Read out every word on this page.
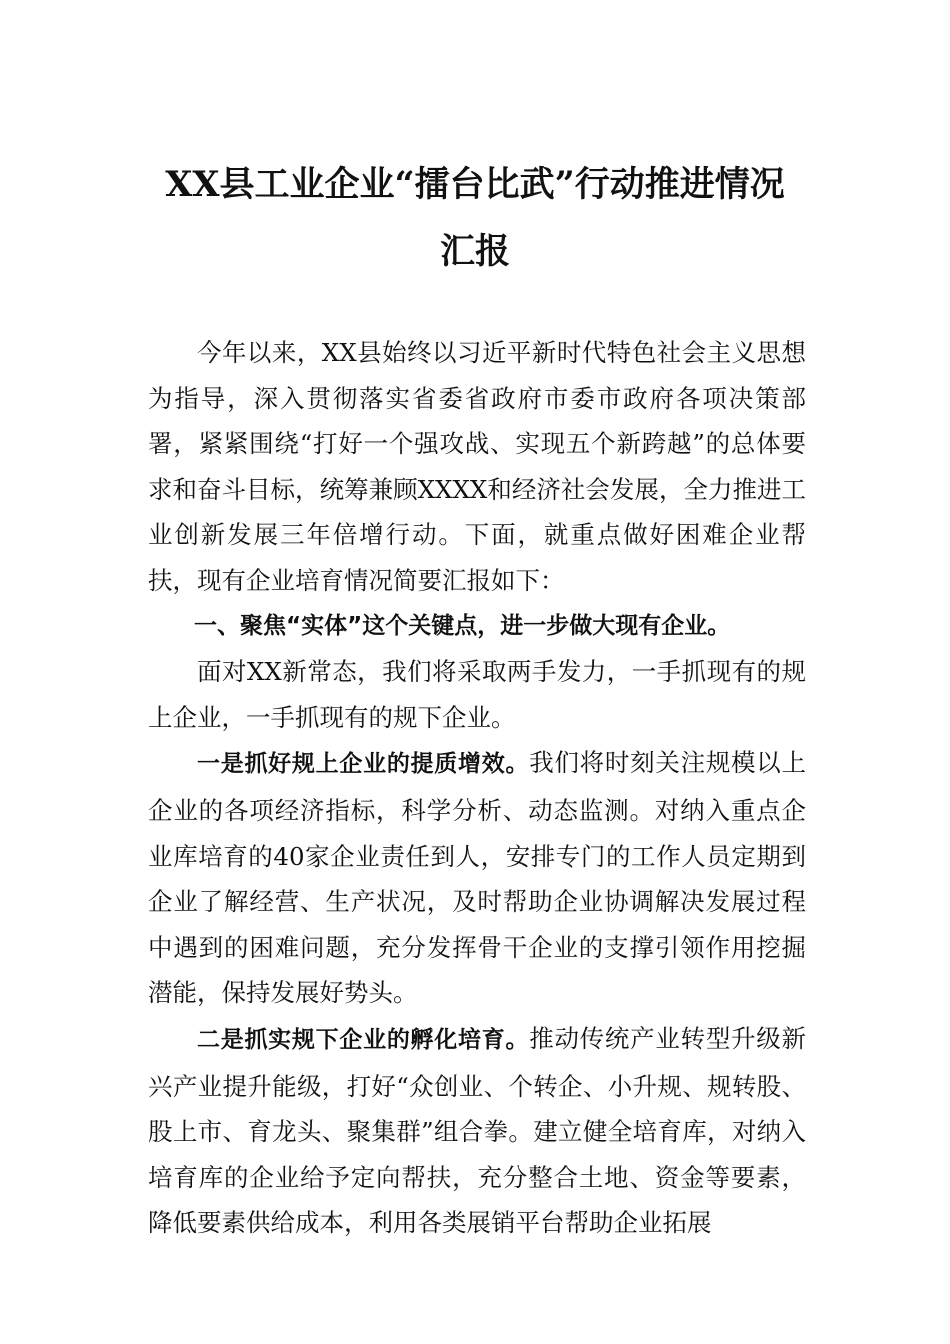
XX县工业企业“擂台比武”行动推进情况
汇报

今年以来，XX县始终以习近平新时代特色社会主义思想为指导，深入贯彻落实省委省政府市委市政府各项决策部署，紧紧围绕“打好一个强攻战、实现五个新跨越”的总体要求和奋斗目标，统筹兼顾XXXX和经济社会发展，全力推进工业创新发展三年倍增行动。下面，就重点做好困难企业帮扶，现有企业培育情况简要汇报如下：

一、聚焦“实体”这个关键点，进一步做大现有企业。

面对XX新常态，我们将采取两手发力，一手抓现有的规上企业，一手抓现有的规下企业。

一是抓好规上企业的提质增效。我们将时刻关注规模以上企业的各项经济指标，科学分析、动态监测。对纳入重点企业库培育的40家企业责任到人，安排专门的工作人员定期到企业了解经营、生产状况，及时帮助企业协调解决发展过程中遇到的困难问题，充分发挥骨干企业的支撑引领作用挖掘潜能，保持发展好势头。

二是抓实规下企业的孵化培育。推动传统产业转型升级新兴产业提升能级，打好“众创业、个转企、小升规、规转股、股上市、育龙头、聚集群”组合拳。建立健全培育库，对纳入培育库的企业给予定向帮扶，充分整合土地、资金等要素，降低要素供给成本，利用各类展销平台帮助企业拓展
